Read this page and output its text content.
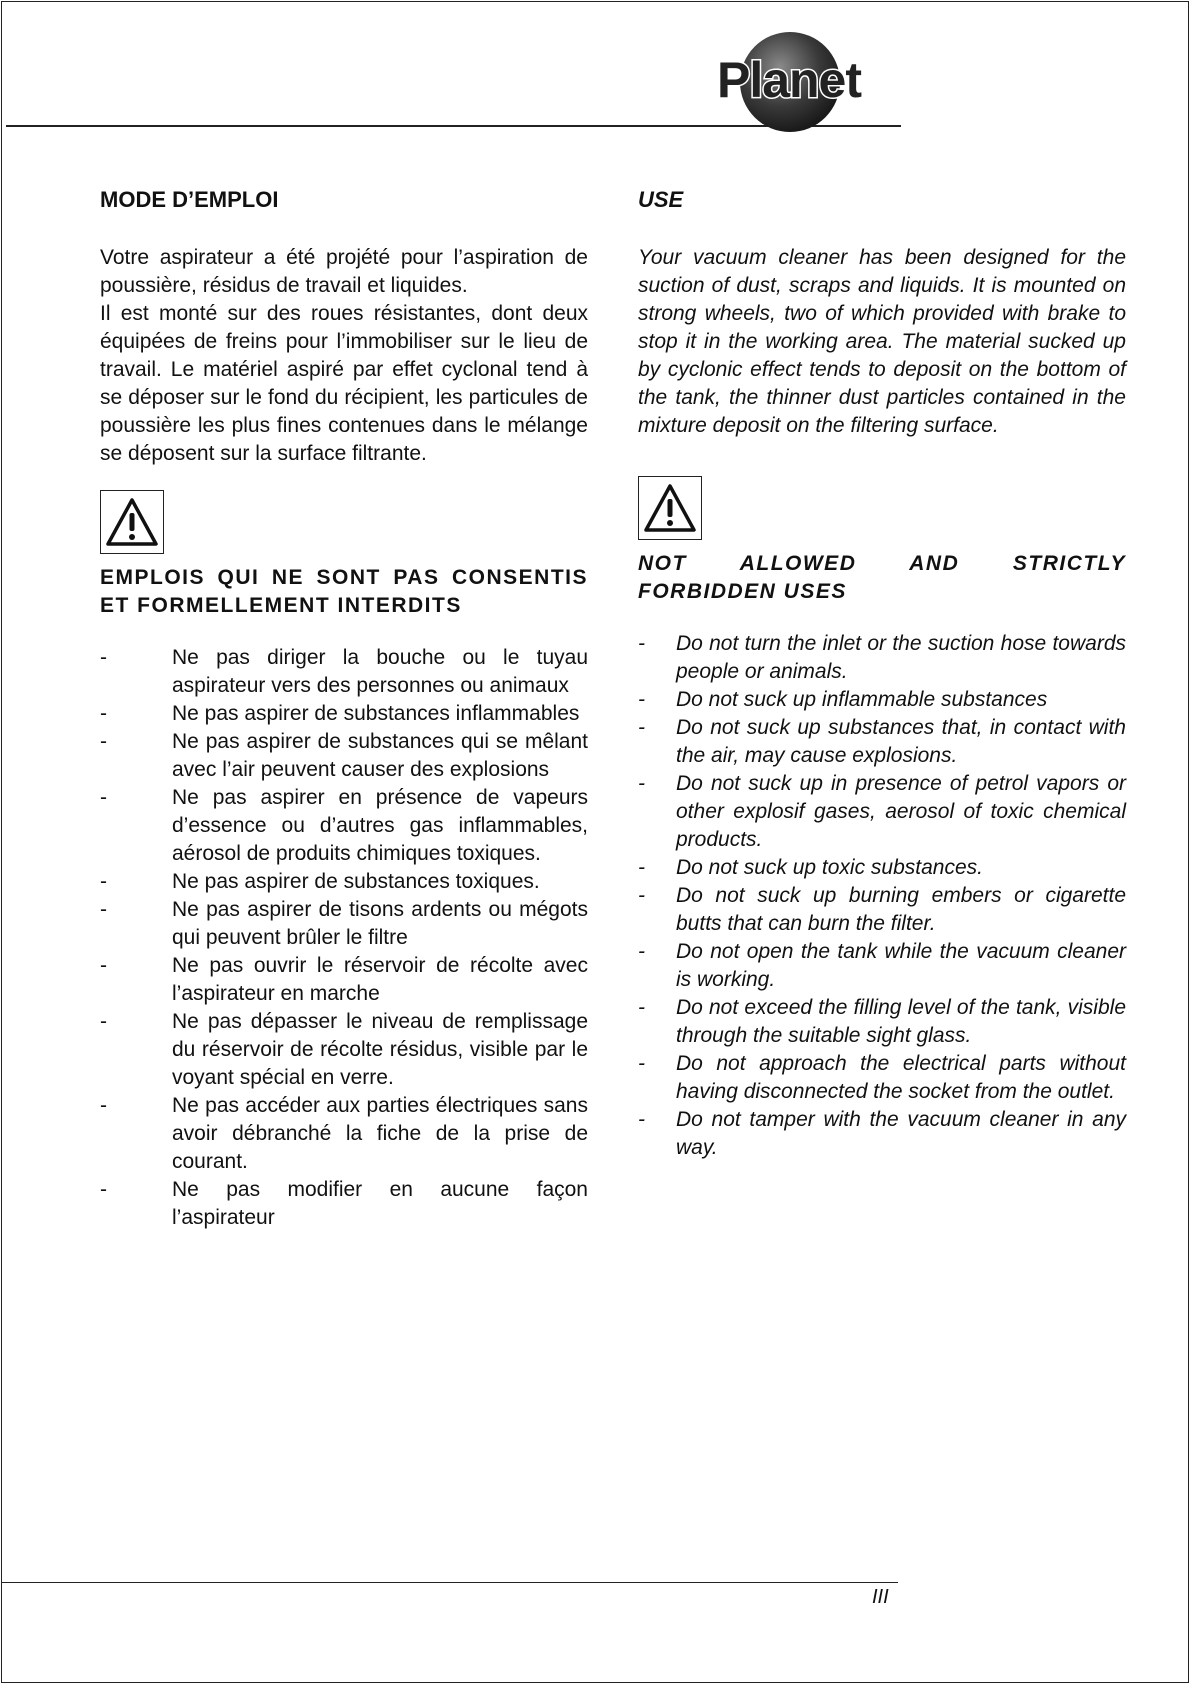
Planet
MODE D’EMPLOI

Votre aspirateur a été projété pour l’aspiration de poussière, résidus de travail et liquides.

Il est monté sur des roues résistantes, dont deux équipées de freins pour l’immobiliser sur le lieu de travail. Le matériel aspiré par effet cyclonal tend à se déposer sur le fond du récipient, les particules de poussière les plus fines contenues dans le mélange se déposent sur la surface filtrante.

EMPLOIS QUI NE SONT PAS CONSENTIS ET FORMELLEMENT INTERDITS
-	Ne pas diriger la bouche ou le tuyau aspirateur vers des personnes ou animaux
-	Ne pas aspirer de substances inflammables
-	Ne pas aspirer de substances qui se mêlant avec l’air peuvent causer des explosions
-	Ne pas aspirer en présence de vapeurs d’essence ou d’autres gas inflammables, aérosol de produits chimiques toxiques.
-	Ne pas aspirer de substances toxiques.
-	Ne pas aspirer de tisons ardents ou mégots qui peuvent brûler le filtre
-	Ne pas ouvrir le réservoir de récolte avec l’aspirateur en marche
-	Ne pas dépasser le niveau de remplissage du réservoir de récolte résidus, visible par le voyant spécial en verre.
-	Ne pas accéder aux parties électriques sans avoir débranché la fiche de la prise de courant.
-	Ne pas modifier en aucune façon l’aspirateur
USE

Your vacuum cleaner has been designed for the suction of dust, scraps and liquids. It is mounted on strong wheels, two of which provided with brake to stop it in the working area. The material sucked up by cyclonic effect tends to deposit on the bottom of the tank, the thinner dust particles contained in the mixture deposit on the filtering surface.

NOT ALLOWED AND STRICTLY FORBIDDEN USES
- Do not turn the inlet or the suction hose towards people or animals.
- Do not suck up inflammable substances
- Do not suck up substances that, in contact with the air, may cause explosions.
- Do not suck up in presence of petrol vapors or other explosif gases, aerosol of toxic chemical products.
- Do not suck up toxic substances.
- Do not suck up burning embers or cigarette butts that can burn the filter.
- Do not open the tank while the vacuum cleaner is working.
- Do not exceed the filling level of the tank, visible through the suitable sight glass.
- Do not approach the electrical parts without having disconnected the socket from the outlet.
- Do not tamper with the vacuum cleaner in any way.
III
